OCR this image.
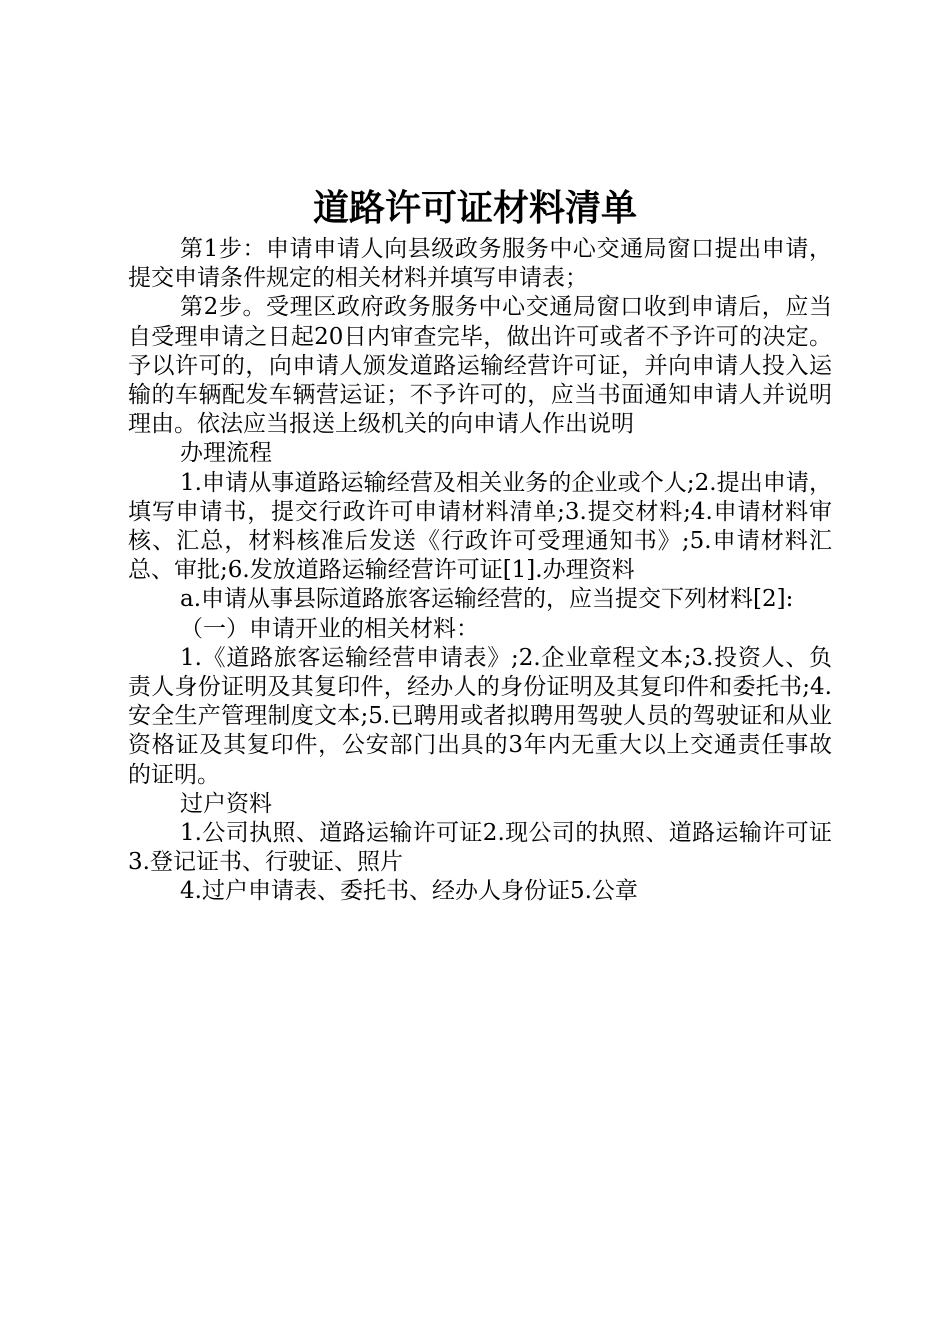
道路许可证材料清单

第1步：申请申请人向县级政务服务中心交通局窗口提出申请，提交申请条件规定的相关材料并填写申请表；

第2步。受理区政府政务服务中心交通局窗口收到申请后，应当自受理申请之日起20日内审查完毕，做出许可或者不予许可的决定。予以许可的，向申请人颁发道路运输经营许可证，并向申请人投入运输的车辆配发车辆营运证；不予许可的，应当书面通知申请人并说明理由。依法应当报送上级机关的向申请人作出说明

办理流程

1.申请从事道路运输经营及相关业务的企业或个人;2.提出申请，填写申请书，提交行政许可申请材料清单;3.提交材料;4.申请材料审核、汇总，材料核准后发送《行政许可受理通知书》;5.申请材料汇总、审批;6.发放道路运输经营许可证[1].办理资料

a.申请从事县际道路旅客运输经营的，应当提交下列材料[2]:

（一）申请开业的相关材料：

1.《道路旅客运输经营申请表》;2.企业章程文本;3.投资人、负责人身份证明及其复印件，经办人的身份证明及其复印件和委托书;4.安全生产管理制度文本;5.已聘用或者拟聘用驾驶人员的驾驶证和从业资格证及其复印件，公安部门出具的3年内无重大以上交通责任事故的证明。

过户资料

1.公司执照、道路运输许可证2.现公司的执照、道路运输许可证3.登记证书、行驶证、照片

4.过户申请表、委托书、经办人身份证5.公章
